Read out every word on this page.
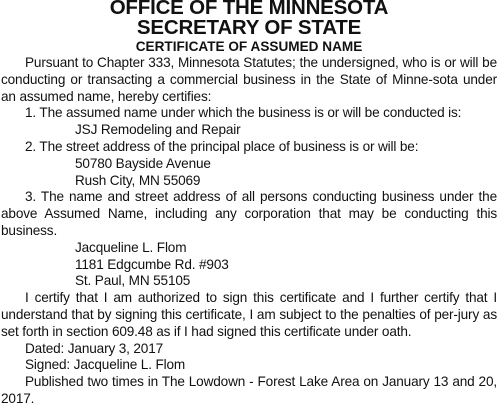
OFFICE OF THE MINNESOTA
SECRETARY OF STATE
CERTIFICATE OF ASSUMED NAME

Pursuant to Chapter 333, Minnesota Statutes; the undersigned, who is or will be conducting or transacting a commercial business in the State of Minne-sota under an assumed name, hereby certifies:

1. The assumed name under which the business is or will be conducted is:

JSJ Remodeling and Repair

2. The street address of the principal place of business is or will be:

50780 Bayside Avenue

Rush City, MN 55069

3. The name and street address of all persons conducting business under the above Assumed Name, including any corporation that may be conducting this business.

Jacqueline L. Flom

1181 Edgcumbe Rd. #903

St. Paul, MN 55105

I certify that I am authorized to sign this certificate and I further certify that I understand that by signing this certificate, I am subject to the penalties of per-jury as set forth in section 609.48 as if I had signed this certificate under oath.

Dated: January 3, 2017

Signed: Jacqueline L. Flom

Published two times in The Lowdown - Forest Lake Area on January 13 and 20, 2017.
